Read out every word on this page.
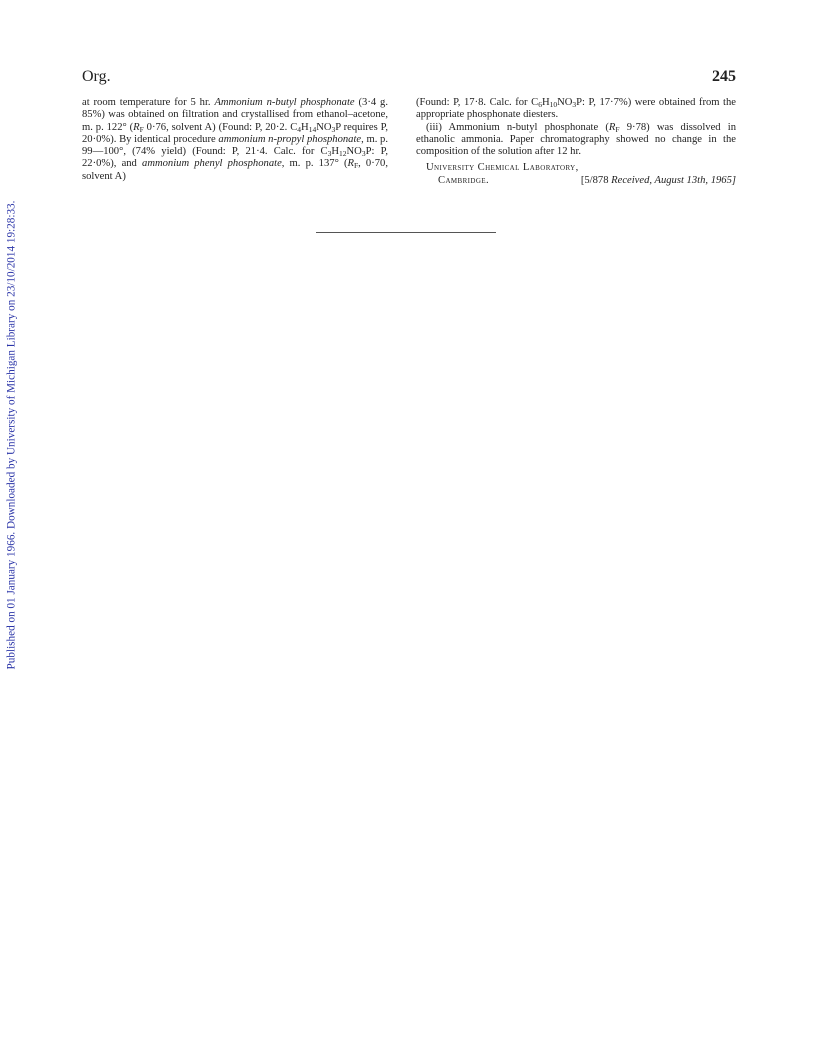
Published on 01 January 1966. Downloaded by University of Michigan Library on 23/10/2014 19:28:33.
Org.	245

at room temperature for 5 hr. Ammonium n-butyl phosphonate (3·4 g. 85%) was obtained on filtration and crystallised from ethanol–acetone, m. p. 122° ($R_F$ 0·76, solvent A) (Found: P, 20·2. $C_4H_{14}NO_3P$ requires P, 20·0%). By identical procedure ammonium n-propyl phosphonate, m. p. 99—100°, (74% yield) (Found: P, 21·4. Calc. for $C_3H_{12}NO_3P$: P, 22·0%), and ammonium phenyl phosphonate, m. p. 137° ($R_F$, 0·70, solvent A)

(Found: P, 17·8. Calc. for $C_6H_{10}NO_3P$: P, 17·7%) were obtained from the appropriate phosphonate diesters.

(iii) Ammonium n-butyl phosphonate ($R_F$ 9·78) was dissolved in ethanolic ammonia. Paper chromatography showed no change in the composition of the solution after 12 hr.

University Chemical Laboratory,
Cambridge.	[5/878 Received, August 13th, 1965]
